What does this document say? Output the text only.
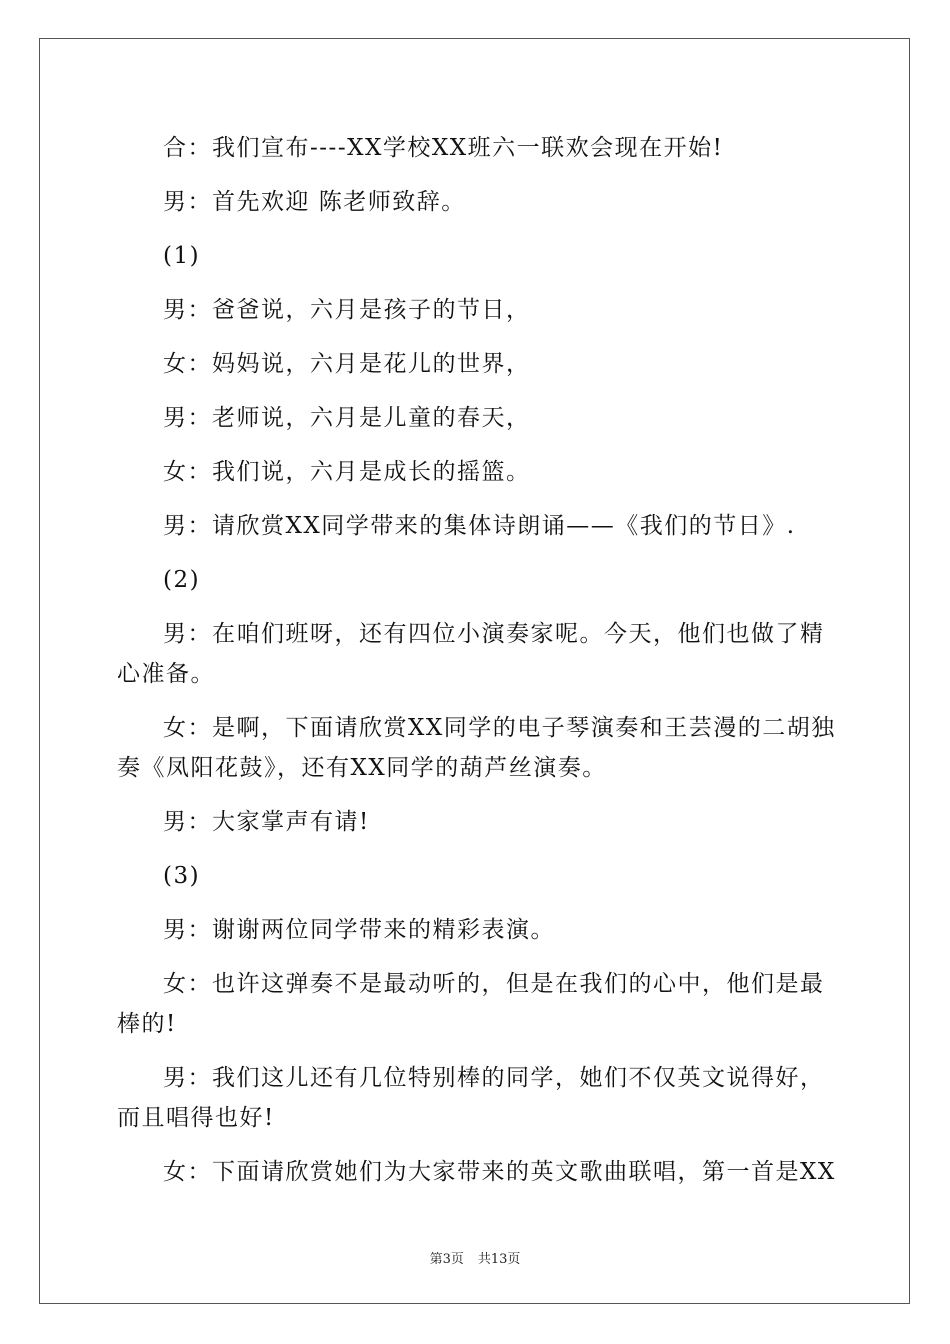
合：我们宣布----XX学校XX班六一联欢会现在开始!

男：首先欢迎 陈老师致辞。

(1)

男：爸爸说，六月是孩子的节日，

女：妈妈说，六月是花儿的世界，

男：老师说，六月是儿童的春天，

女：我们说，六月是成长的摇篮。

男：请欣赏XX同学带来的集体诗朗诵——《我们的节日》.

(2)

男：在咱们班呀，还有四位小演奏家呢。今天，他们也做了精心准备。

女：是啊，下面请欣赏XX同学的电子琴演奏和王芸漫的二胡独奏《凤阳花鼓》，还有XX同学的葫芦丝演奏。

男：大家掌声有请!

(3)

男：谢谢两位同学带来的精彩表演。

女：也许这弹奏不是最动听的，但是在我们的心中，他们是最棒的!

男：我们这儿还有几位特别棒的同学，她们不仅英文说得好，而且唱得也好!

女：下面请欣赏她们为大家带来的英文歌曲联唱，第一首是XX

第3页 共13页
